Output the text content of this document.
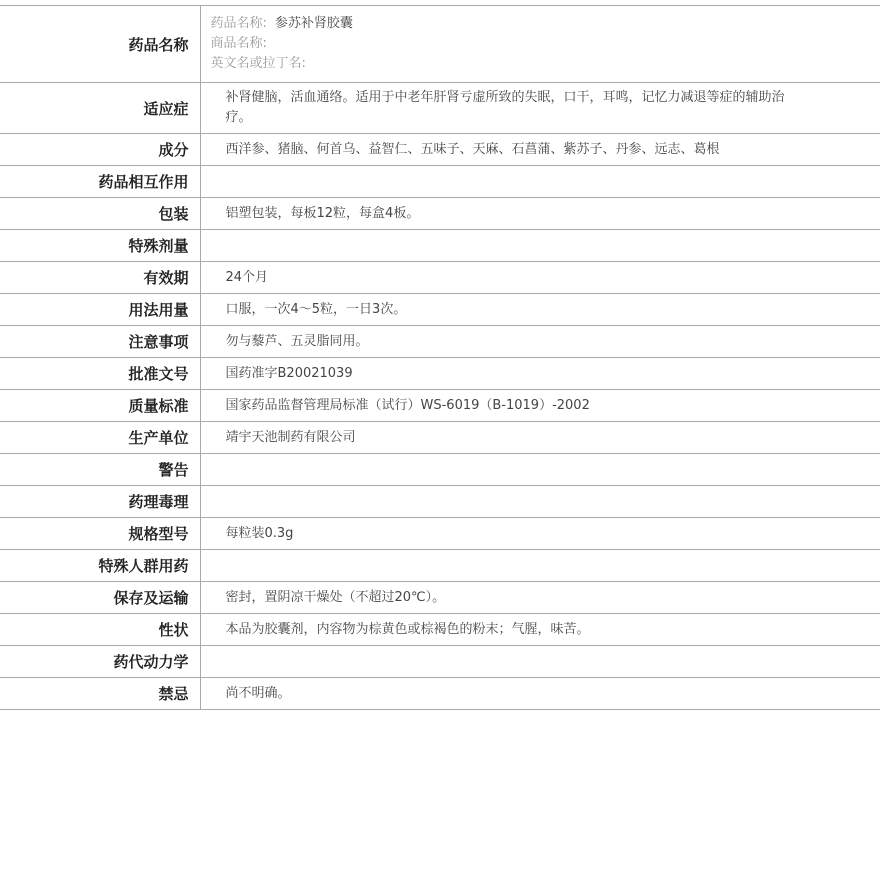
药品名称	药品名称: 参苏补肾胶囊
商品名称:
英文名或拉丁名:

适应症	补肾健脑，活血通络。适用于中老年肝肾亏虚所致的失眠，口干，耳鸣，记忆力减退等症的辅助治疗。
成分	西洋参、猪脑、何首乌、益智仁、五味子、天麻、石菖蒲、紫苏子、丹参、远志、葛根
药品相互作用	
包装	铝塑包装，每板12粒，每盒4板。
特殊剂量	
有效期	24个月
用法用量	口服，一次4～5粒，一日3次。
注意事项	勿与藜芦、五灵脂同用。
批准文号	国药准字B20021039
质量标准	国家药品监督管理局标准（试行）WS-6019（B-1019）-2002
生产单位	靖宇天池制药有限公司
警告	
药理毒理	
规格型号	每粒装0.3g
特殊人群用药	
保存及运输	密封，置阴凉干燥处（不超过20℃）。
性状	本品为胶囊剂，内容物为棕黄色或棕褐色的粉末；气腥，味苦。
药代动力学	
禁忌	尚不明确。
